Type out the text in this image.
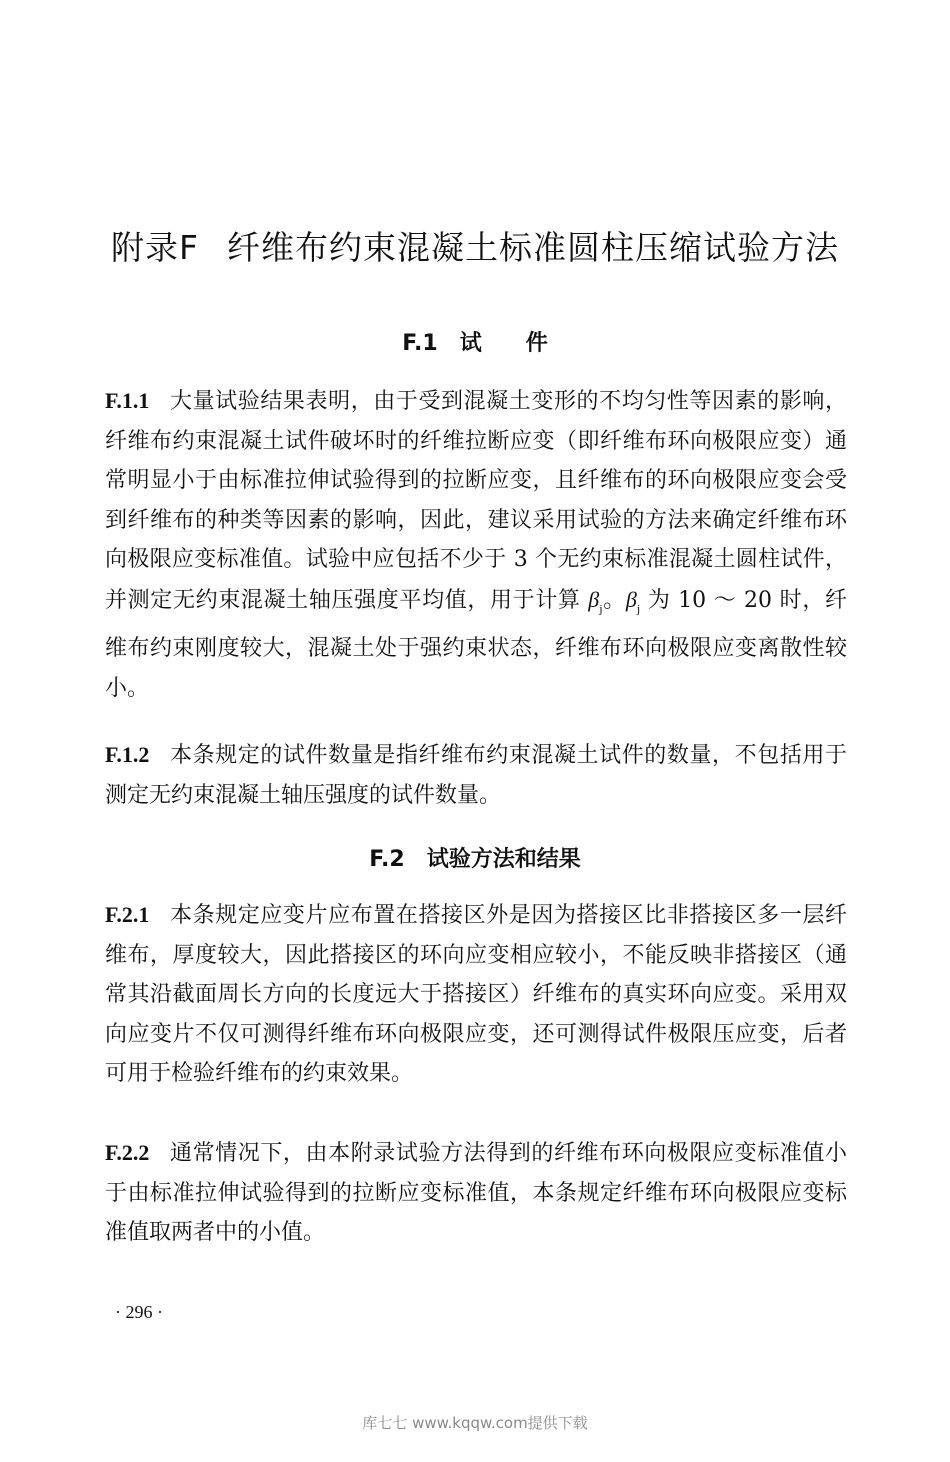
附录F 纤维布约束混凝土标准圆柱压缩试验方法
F.1 试　　件
F.1.1 大量试验结果表明，由于受到混凝土变形的不均匀性等因素的影响，纤维布约束混凝土试件破坏时的纤维拉断应变（即纤维布环向极限应变）通常明显小于由标准拉伸试验得到的拉断应变，且纤维布的环向极限应变会受到纤维布的种类等因素的影响，因此，建议采用试验的方法来确定纤维布环向极限应变标准值。试验中应包括不少于 3 个无约束标准混凝土圆柱试件，并测定无约束混凝土轴压强度平均值，用于计算 $\beta_j$。$\beta_j$ 为 10 ～ 20 时，纤维布约束刚度较大，混凝土处于强约束状态，纤维布环向极限应变离散性较小。
F.1.2 本条规定的试件数量是指纤维布约束混凝土试件的数量，不包括用于测定无约束混凝土轴压强度的试件数量。
F.2 试验方法和结果
F.2.1 本条规定应变片应布置在搭接区外是因为搭接区比非搭接区多一层纤维布，厚度较大，因此搭接区的环向应变相应较小，不能反映非搭接区（通常其沿截面周长方向的长度远大于搭接区）纤维布的真实环向应变。采用双向应变片不仅可测得纤维布环向极限应变，还可测得试件极限压应变，后者可用于检验纤维布的约束效果。
F.2.2 通常情况下，由本附录试验方法得到的纤维布环向极限应变标准值小于由标准拉伸试验得到的拉断应变标准值，本条规定纤维布环向极限应变标准值取两者中的小值。
· 296 ·
库七七 www.kqqw.com提供下载
